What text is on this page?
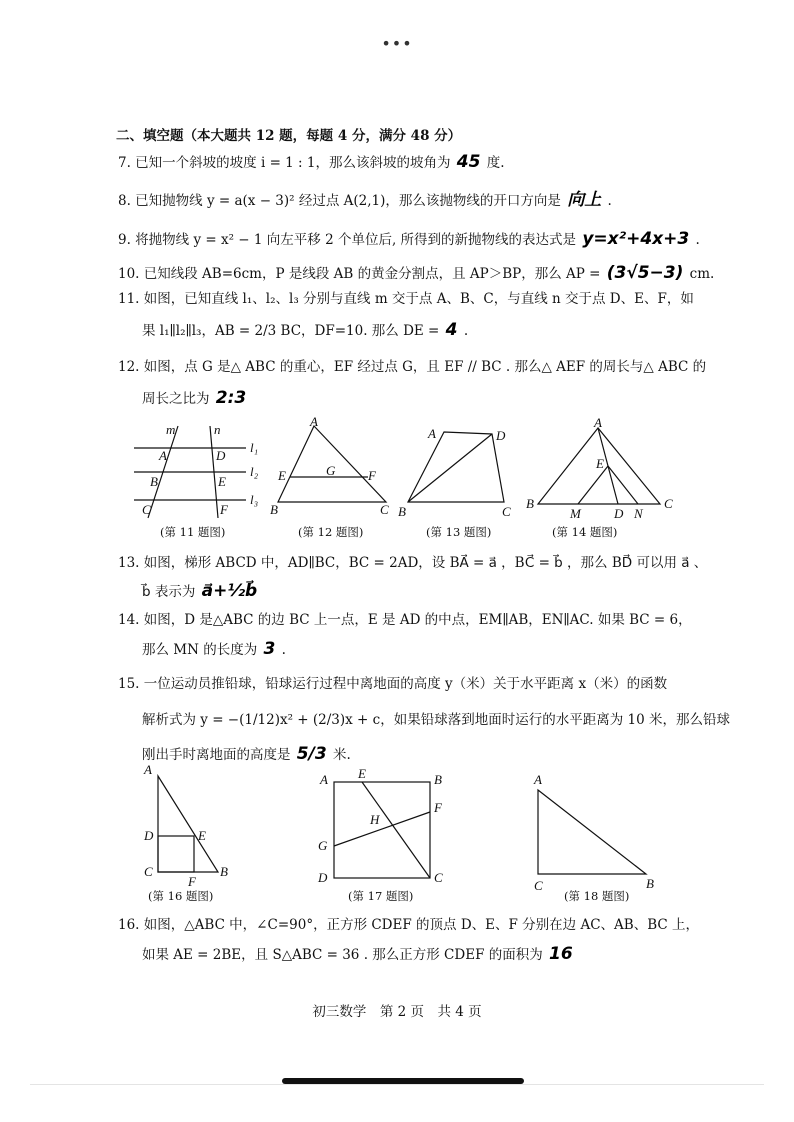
•••
二、填空题（本大题共 12 题，每题 4 分，满分 48 分）
7. 已知一个斜坡的坡度 i = 1 : 1，那么该斜坡的坡角为 45 度.
8. 已知抛物线 y = a(x − 3)² 经过点 A(2,1)，那么该抛物线的开口方向是 向上 .
9. 将抛物线 y = x² − 1 向左平移 2 个单位后, 所得到的新抛物线的表达式是 y=x²+4x+3 .
10. 已知线段 AB=6cm，P 是线段 AB 的黄金分割点，且 AP＞BP，那么 AP = (3√5−3) cm.
11. 如图，已知直线 l₁、l₂、l₃ 分别与直线 m 交于点 A、B、C，与直线 n 交于点 D、E、F，如
果 l₁∥l₂∥l₃，AB = 2/3 BC，DF=10. 那么 DE = 4 .
12. 如图，点 G 是△ ABC 的重心，EF 经过点 G，且 EF // BC . 那么△ AEF 的周长与△ ABC 的
周长之比为 2:3
m	n
l₁
l₂
l₃
A
B
C
D
E
F
(第 11 题图)
A
B	C
E	F
G
(第 12 题图)
A	D
B	C
(第 13 题图)
A
B	C
E
M	D N
(第 14 题图)
13. 如图，梯形 ABCD 中，AD∥BC，BC = 2AD，设 BA⃗ = a⃗ ，BC⃗ = b⃗ ，那么 BD⃗ 可以用 a⃗ 、
b⃗ 表示为 a⃗+½b⃗
14. 如图，D 是△ABC 的边 BC 上一点，E 是 AD 的中点，EM∥AB，EN∥AC. 如果 BC = 6，
那么 MN 的长度为 3 .
15. 一位运动员推铅球，铅球运行过程中离地面的高度 y（米）关于水平距离 x（米）的函数
解析式为 y = −(1/12)x² + (2/3)x + c，如果铅球落到地面时运行的水平距离为 10 米，那么铅球
刚出手时离地面的高度是 5/3 米.
A
D	E
C
F
B
(第 16 题图)
A E	B
F
H
G
D	C
(第 17 题图)
A
C	B
(第 18 题图)
16. 如图，△ABC 中，∠C=90°，正方形 CDEF 的顶点 D、E、F 分别在边 AC、AB、BC 上，
如果 AE = 2BE，且 S△ABC = 36 . 那么正方形 CDEF 的面积为 16
初三数学　第 2 页　共 4 页
